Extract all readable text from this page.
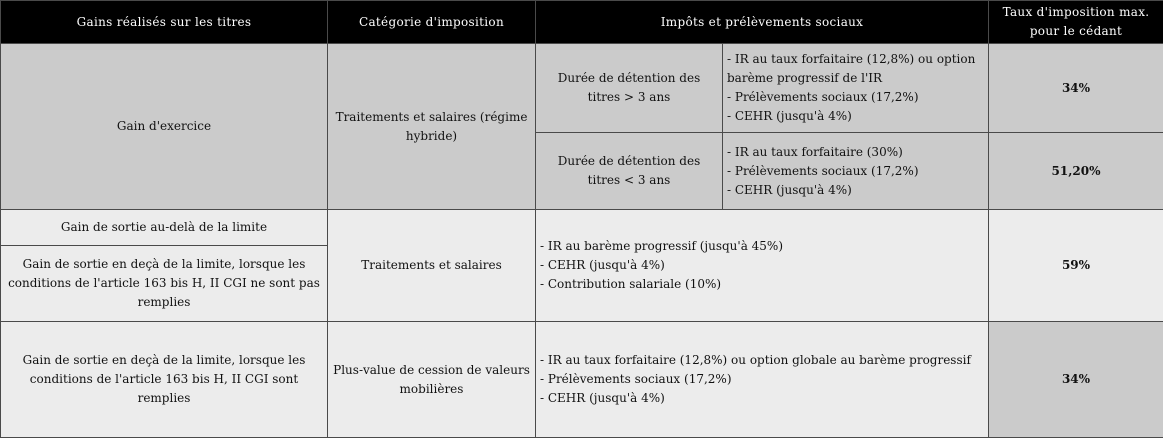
Gains réalisés sur les titres	Catégorie d'imposition	Impôts et prélèvements sociaux		Taux d'imposition max. pour le cédant
Gain d'exercice	Traitements et salaires (régime hybride)	Durée de détention des titres > 3 ans	- IR au taux forfaitaire (12,8%) ou option barème progressif de l'IR
- Prélèvements sociaux (17,2%)
- CEHR (jusqu'à 4%)	34%
		Durée de détention des titres < 3 ans	- IR au taux forfaitaire (30%)
- Prélèvements sociaux (17,2%)
- CEHR (jusqu'à 4%)	51,20%
Gain de sortie au-delà de la limite	Traitements et salaires	- IR au barème progressif (jusqu'à 45%)
- CEHR (jusqu'à 4%)
- Contribution salariale (10%)		59%
Gain de sortie en deçà de la limite, lorsque les conditions de l'article 163 bis H, II CGI ne sont pas remplies				
Gain de sortie en deçà de la limite, lorsque les conditions de l'article 163 bis H, II CGI sont remplies	Plus-value de cession de valeurs mobilières	- IR au taux forfaitaire (12,8%) ou option globale au barème progressif
- Prélèvements sociaux (17,2%)
- CEHR (jusqu'à 4%)		34%
